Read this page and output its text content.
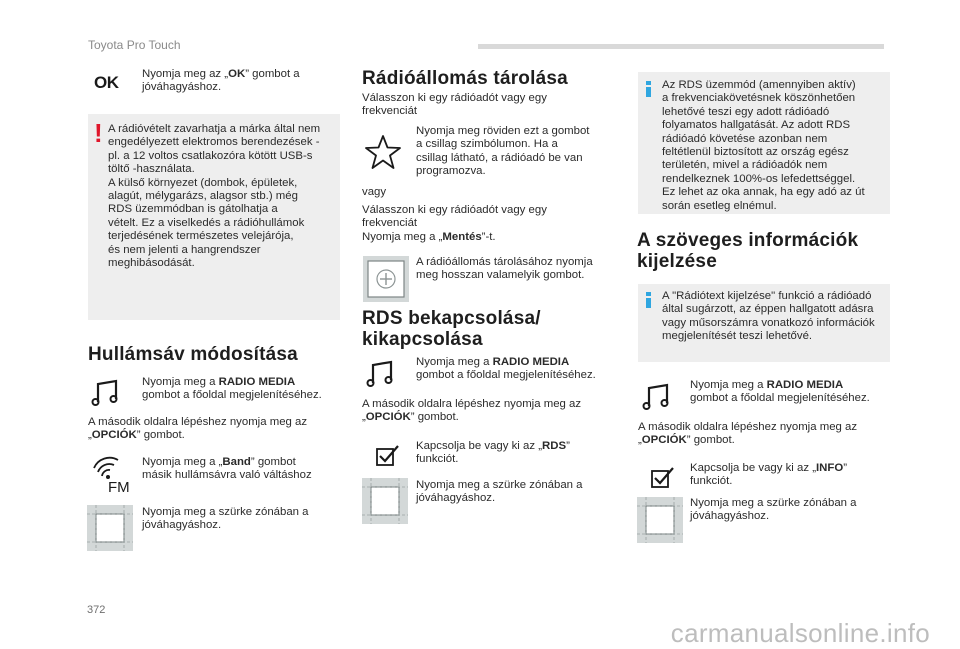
Toyota Pro Touch
OK Nyomja meg az „OK” gombot a jóváhagyáshoz.
! A rádióvételt zavarhatja a márka által nem
engedélyezett elektromos berendezések -
pl. a 12 voltos csatlakozóra kötött USB-s
töltő -használata.
A külső környezet (dombok, épületek,
alagút, mélygarázs, alagsor stb.) még
RDS üzemmódban is gátolhatja a
vételt. Ez a viselkedés a rádióhullámok
terjedésének természetes velejárója,
és nem jelenti a hangrendszer
meghibásodását.
Hullámsáv módosítása
Nyomja meg a RADIO MEDIA
gombot a főoldal megjelenítéséhez.
A második oldalra lépéshez nyomja meg az
„OPCIÓK” gombot.
FM
Nyomja meg a „Band” gombot
másik hullámsávra való váltáshoz
Nyomja meg a szürke zónában a
jóváhagyáshoz.
Rádióállomás tárolása
Válasszon ki egy rádióadót vagy egy
frekvenciát
Nyomja meg röviden ezt a gombot
a csillag szimbólumon. Ha a
csillag látható, a rádióadó be van
programozva.
vagy
Válasszon ki egy rádióadót vagy egy
frekvenciát
Nyomja meg a „Mentés”-t.
A rádióállomás tárolásához nyomja
meg hosszan valamelyik gombot.
RDS bekapcsolása/
kikapcsolása
Nyomja meg a RADIO MEDIA
gombot a főoldal megjelenítéséhez.
A második oldalra lépéshez nyomja meg az
„OPCIÓK” gombot.
Kapcsolja be vagy ki az „RDS”
funkciót.
Nyomja meg a szürke zónában a
jóváhagyáshoz.
Az RDS üzemmód (amennyiben aktív)
a frekvenciakövetésnek köszönhetően
lehetővé teszi egy adott rádióadó
folyamatos hallgatását. Az adott RDS
rádióadó követése azonban nem
feltétlenül biztosított az ország egész
területén, mivel a rádióadók nem
rendelkeznek 100%-os lefedettséggel.
Ez lehet az oka annak, ha egy adó az út
során esetleg elnémul.
A szöveges információk
kijelzése
A "Rádiótext kijelzése" funkció a rádióadó
által sugárzott, az éppen hallgatott adásra
vagy műsorszámra vonatkozó információk
megjelenítését teszi lehetővé.
Nyomja meg a RADIO MEDIA
gombot a főoldal megjelenítéséhez.
A második oldalra lépéshez nyomja meg az
„OPCIÓK” gombot.
Kapcsolja be vagy ki az „INFO”
funkciót.
Nyomja meg a szürke zónában a
jóváhagyáshoz.
372
carmanualsonline.info
